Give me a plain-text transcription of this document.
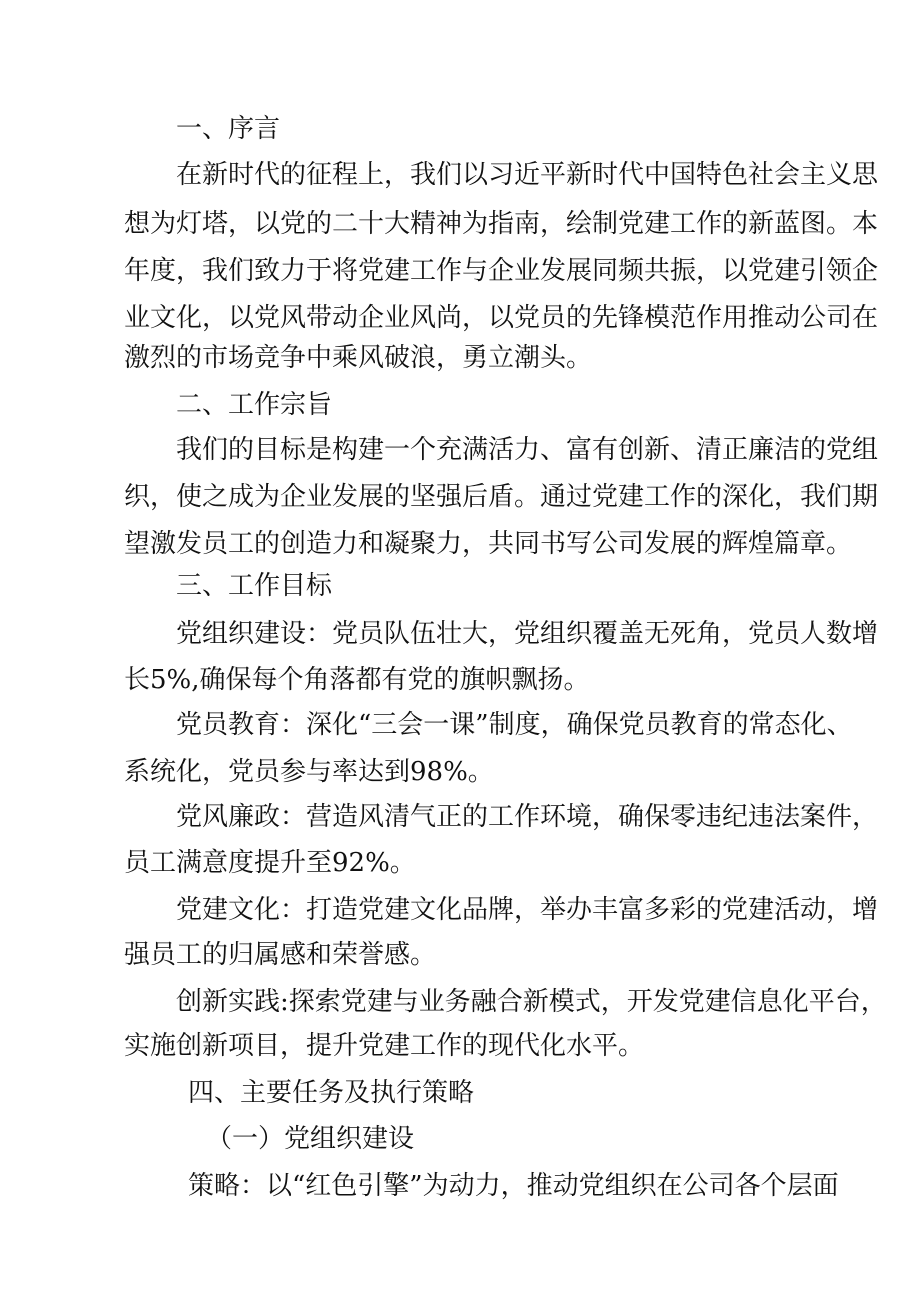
一、序言
在新时代的征程上，我们以习近平新时代中国特色社会主义思
想为灯塔，以党的二十大精神为指南，绘制党建工作的新蓝图。本
年度，我们致力于将党建工作与企业发展同频共振，以党建引领企
业文化，以党风带动企业风尚，以党员的先锋模范作用推动公司在
激烈的市场竞争中乘风破浪，勇立潮头。
二、工作宗旨
我们的目标是构建一个充满活力、富有创新、清正廉洁的党组
织，使之成为企业发展的坚强后盾。通过党建工作的深化，我们期
望激发员工的创造力和凝聚力，共同书写公司发展的辉煌篇章。
三、工作目标
党组织建设：党员队伍壮大，党组织覆盖无死角，党员人数增
长5%,确保每个角落都有党的旗帜飘扬。
党员教育：深化“三会一课”制度，确保党员教育的常态化、
系统化，党员参与率达到98%。
党风廉政：营造风清气正的工作环境，确保零违纪违法案件，
员工满意度提升至92%。
党建文化：打造党建文化品牌，举办丰富多彩的党建活动，增
强员工的归属感和荣誉感。
创新实践:探索党建与业务融合新模式，开发党建信息化平台，
实施创新项目，提升党建工作的现代化水平。
四、主要任务及执行策略
（一）党组织建设
策略：以“红色引擎”为动力，推动党组织在公司各个层面
